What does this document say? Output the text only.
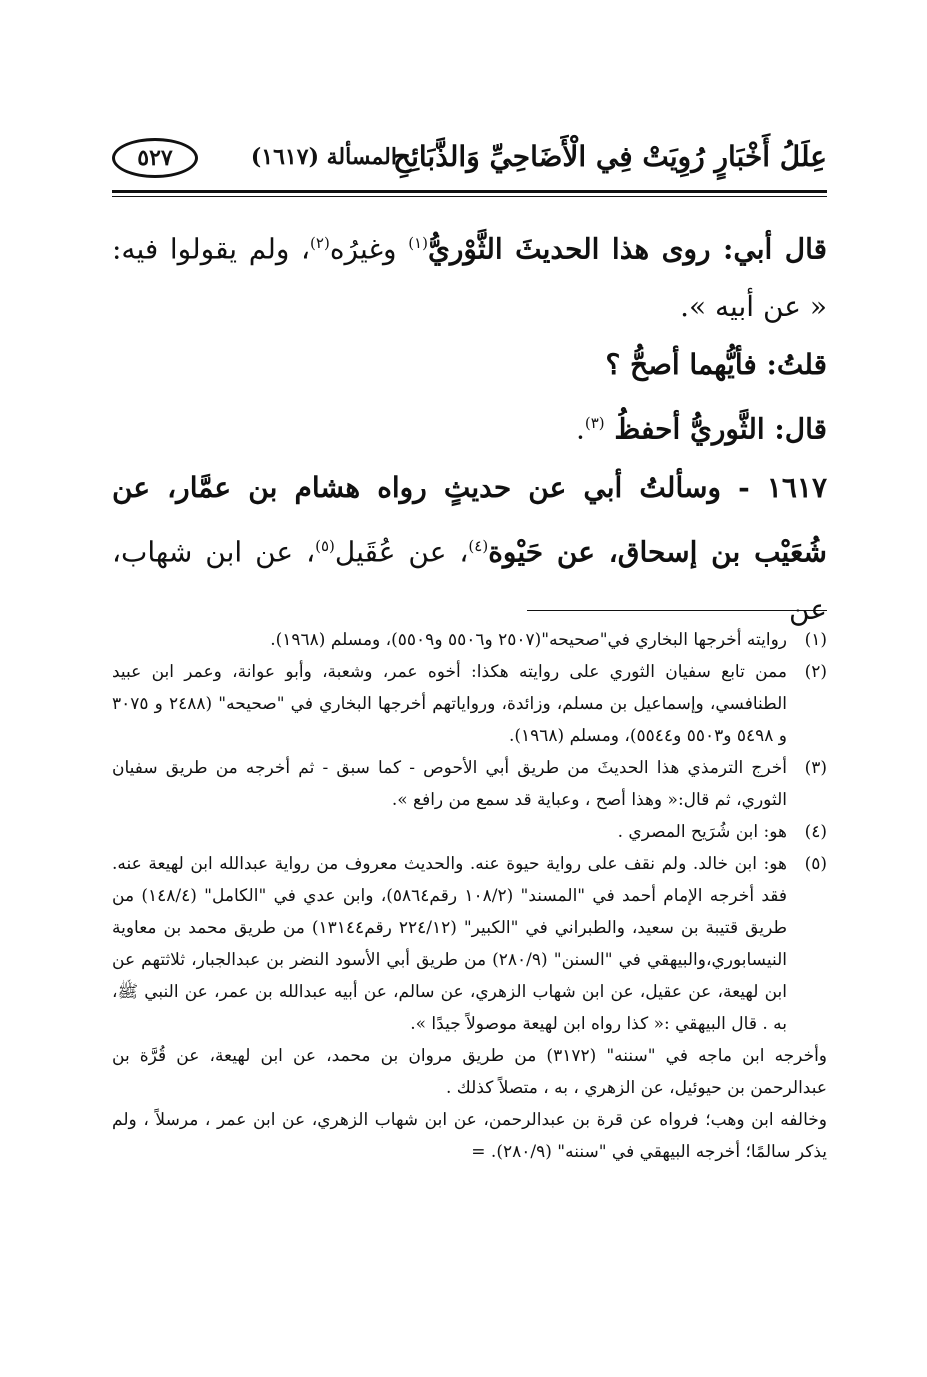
عِلَلُ أَخْبَارٍ رُوِيَتْ فِي الْأَضَاحِيِّ وَالذَّبَائِحِ
المسألة (١٦١٧)
٥٢٧

قال أبي: روى هذا الحديثَ الثَّوْريُّ$^{(١)}$ وغيرُه$^{(٢)}$، ولم يقولوا فيه: « عن أبيه ».

قلتُ: فأيُّهما أصحُّ ؟

قال: الثَّوريُّ أحفظُ $^{(٣)}$.

١٦١٧ - وسألتُ أبي عن حديثٍ رواه هشام بن عمَّار، عن شُعَيْب بن إسحاق، عن حَيْوة$^{(٤)}$، عن عُقَيل$^{(٥)}$، عن ابن شهاب، عن

(١)
روايته أخرجها البخاري في"صحيحه"(٢٥٠٧ و٥٥٠٦ و٥٥٠٩)، ومسلم (١٩٦٨).
(٢)
ممن تابع سفيان الثوري على روايته هكذا: أخوه عمر، وشعبة، وأبو عوانة، وعمر ابن عبيد الطنافسي، وإسماعيل بن مسلم، وزائدة، ورواياتهم أخرجها البخاري في "صحيحه" (٢٤٨٨ و ٣٠٧٥ و ٥٤٩٨ و٥٥٠٣ و٥٥٤٤)، ومسلم (١٩٦٨).
(٣)
أخرج الترمذي هذا الحديثَ من طريق أبي الأحوص - كما سبق - ثم أخرجه من طريق سفيان الثوري، ثم قال:« وهذا أصح ، وعباية قد سمع من رافع ».
(٤)
هو: ابن شُرَيح المصري .
(٥)
هو: ابن خالد. ولم نقف على رواية حيوة عنه. والحديث معروف من رواية عبدالله ابن لهيعة عنه. فقد أخرجه الإمام أحمد في "المسند" (١٠٨/٢ رقم٥٨٦٤)، وابن عدي في "الكامل" (١٤٨/٤) من طريق قتيبة بن سعيد، والطبراني في "الكبير" (٢٢٤/١٢ رقم١٣١٤٤) من طريق محمد بن معاوية النيسابوري،والبيهقي في "السنن" (٢٨٠/٩) من طريق أبي الأسود النضر بن عبدالجبار، ثلاثتهم عن ابن لهيعة، عن عقيل، عن ابن شهاب الزهري، عن سالم، عن أبيه عبدالله بن عمر، عن النبي ﷺ، به . قال البيهقي :« كذا رواه ابن لهيعة موصولاً جيدًا ».
وأخرجه ابن ماجه في "سننه" (٣١٧٢) من طريق مروان بن محمد، عن ابن لهيعة، عن قُرَّة بن عبدالرحمن بن حيوئيل، عن الزهري ، به ، متصلاً كذلك .
وخالفه ابن وهب؛ فرواه عن قرة بن عبدالرحمن، عن ابن شهاب الزهري، عن ابن عمر ، مرسلاً ، ولم يذكر سالمًا؛ أخرجه البيهقي في "سننه" (٢٨٠/٩). =
